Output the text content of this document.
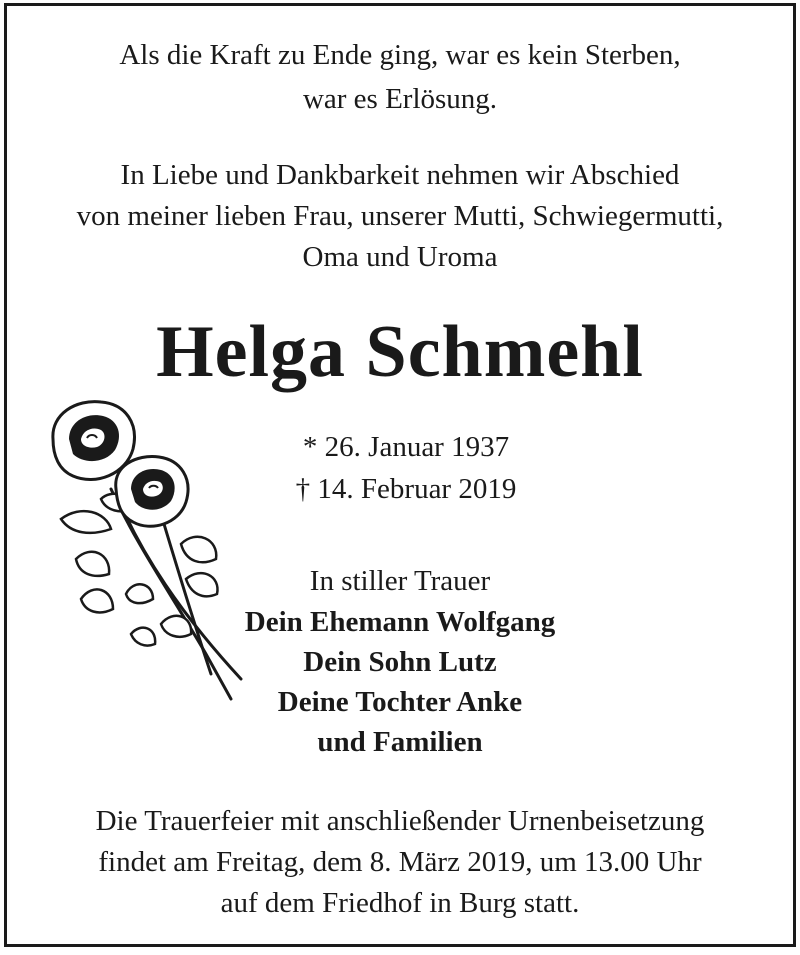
Als die Kraft zu Ende ging, war es kein Sterben,
war es Erlösung.
In Liebe und Dankbarkeit nehmen wir Abschied
von meiner lieben Frau, unserer Mutti, Schwiegermutti,
Oma und Uroma
Helga Schmehl
* 26. Januar 1937
† 14. Februar 2019
In stiller Trauer
Dein Ehemann Wolfgang
Dein Sohn Lutz
Deine Tochter Anke
und Familien
Die Trauerfeier mit anschließender Urnenbeisetzung
findet am Freitag, dem 8. März 2019, um 13.00 Uhr
auf dem Friedhof in Burg statt.
